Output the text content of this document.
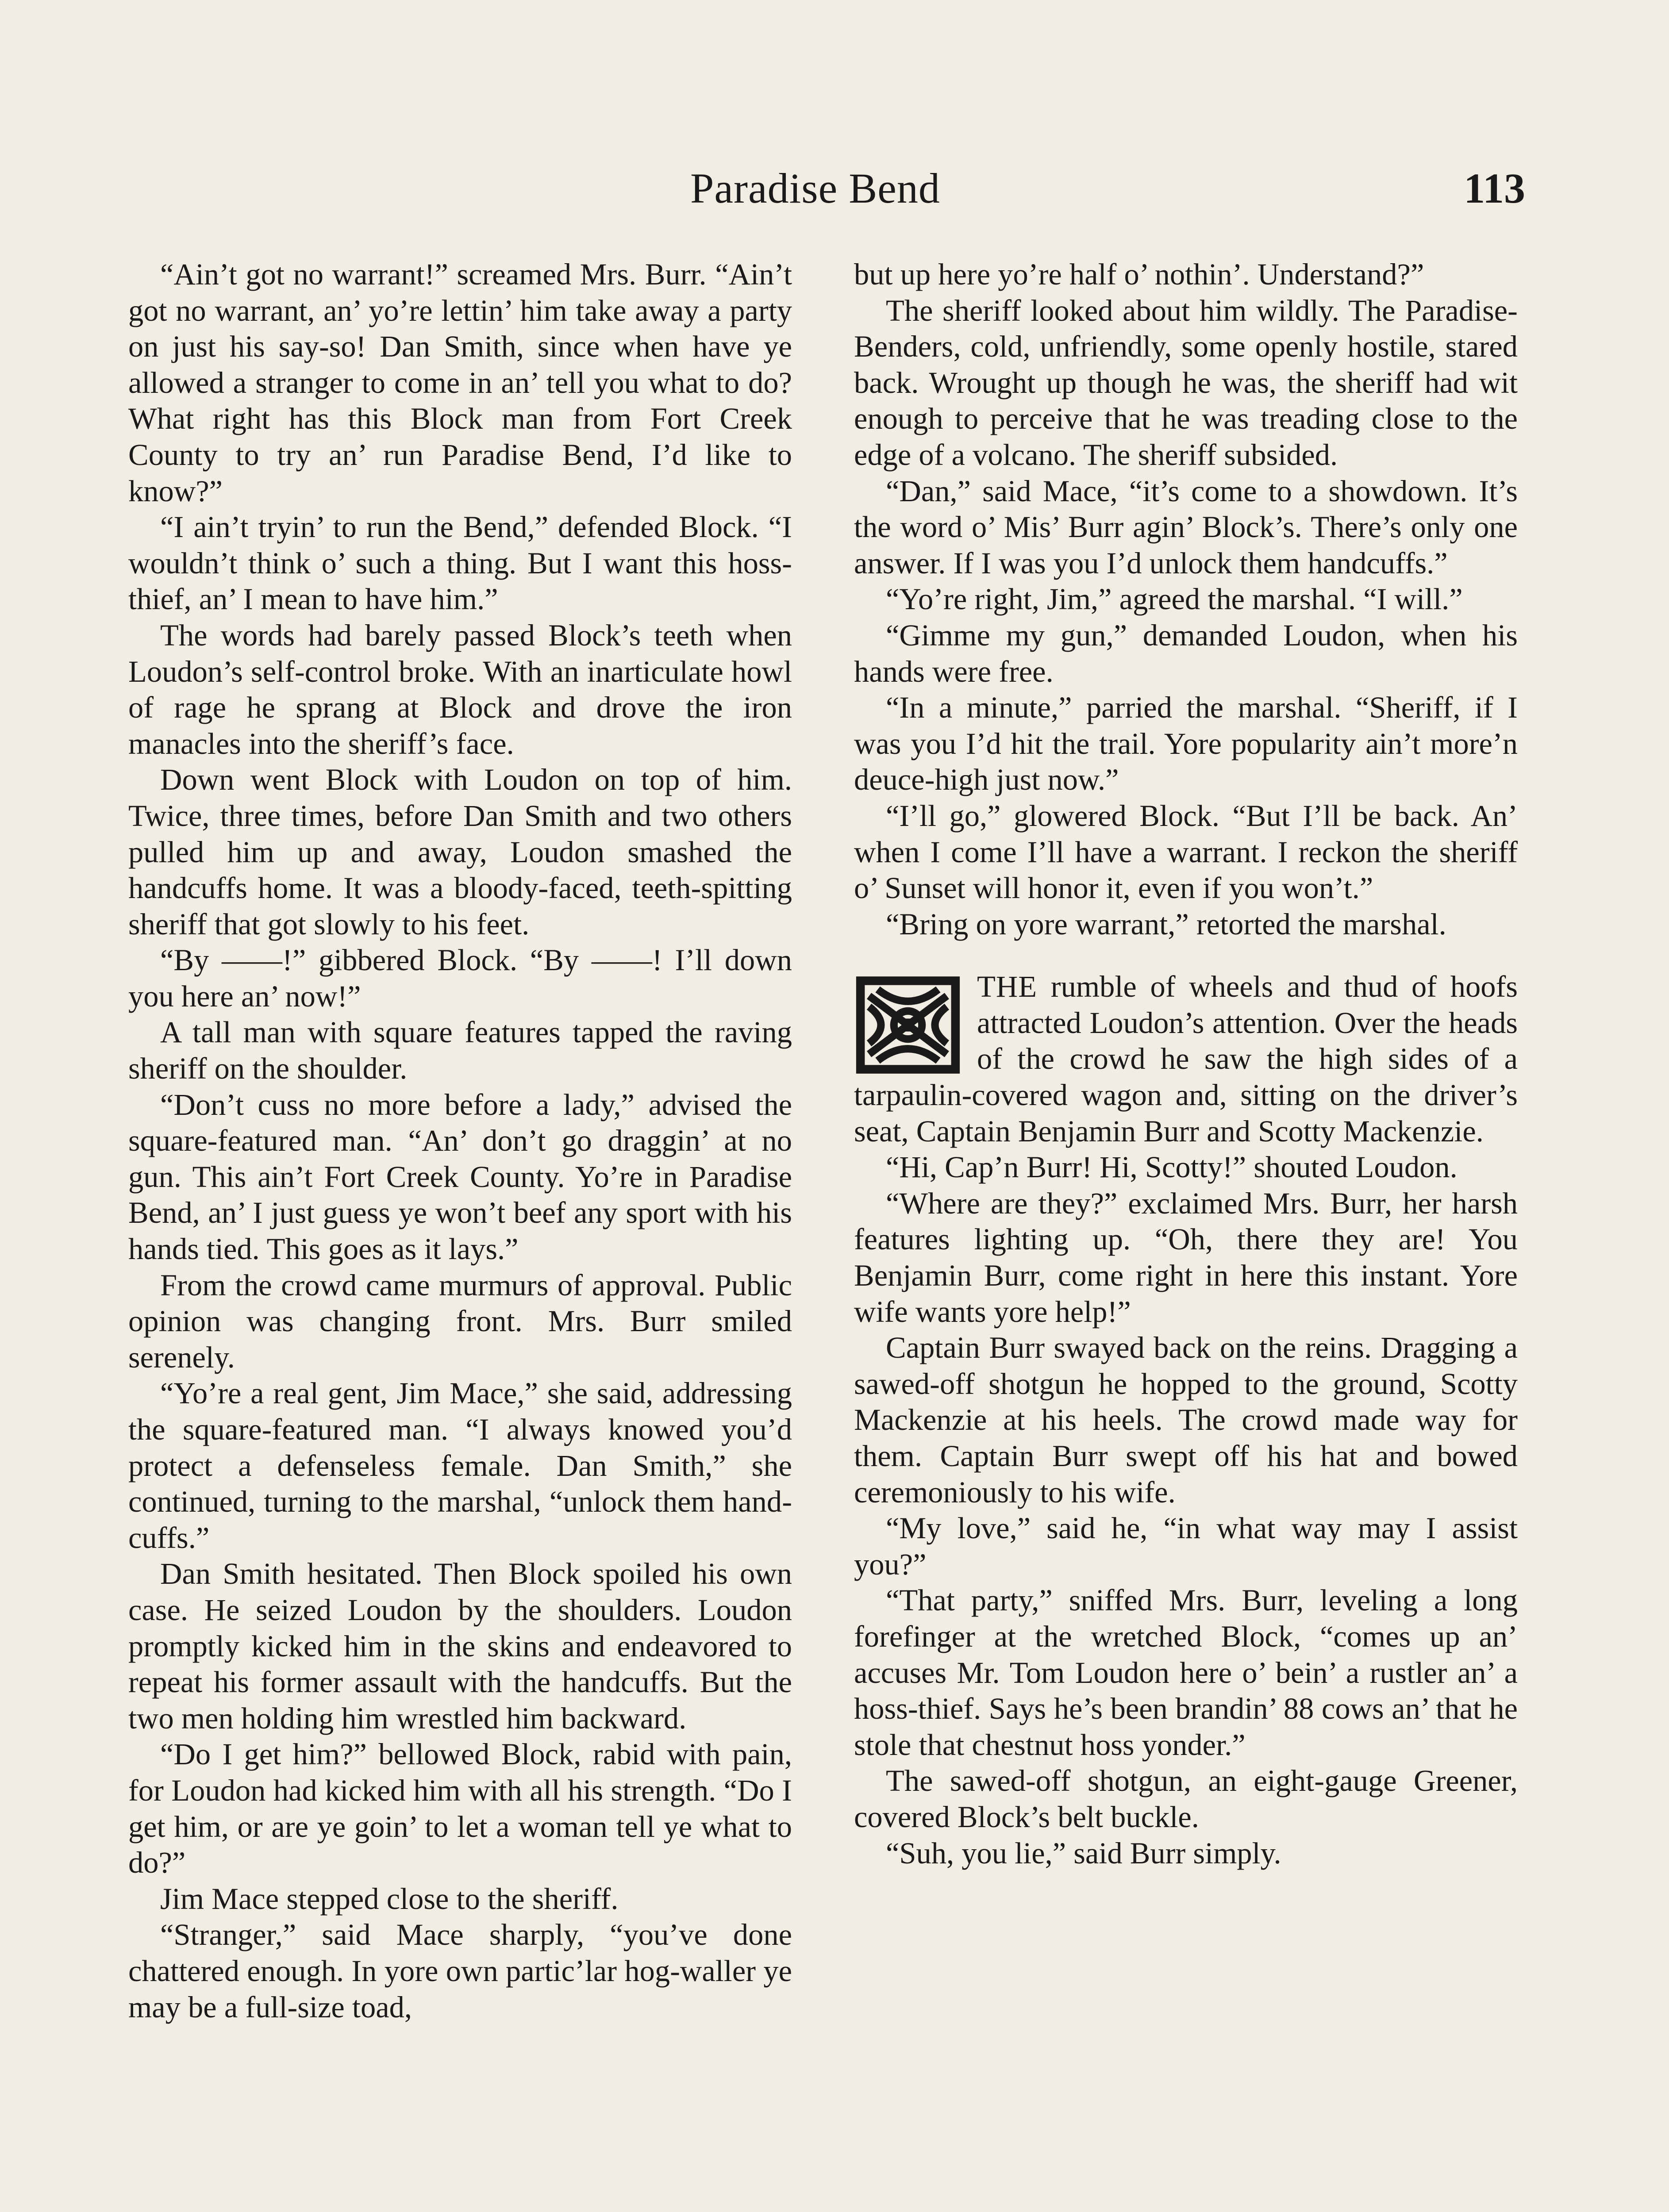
Paradise Bend	113

“Ain’t got no warrant!” screamed Mrs. Burr. “Ain’t got no warrant, an’ yo’re lettin’ him take away a party on just his say-so! Dan Smith, since when have ye allowed a stranger to come in an’ tell you what to do? What right has this Block man from Fort Creek County to try an’ run Paradise Bend, I’d like to know?”

“I ain’t tryin’ to run the Bend,” defended Block. “I wouldn’t think o’ such a thing. But I want this hoss-thief, an’ I mean to have him.”

The words had barely passed Block’s teeth when Loudon’s self-control broke. With an inarticulate howl of rage he sprang at Block and drove the iron manacles into the sheriff’s face.

Down went Block with Loudon on top of him. Twice, three times, before Dan Smith and two others pulled him up and away, Loudon smashed the handcuffs home. It was a bloody-faced, teeth-spitting sheriff that got slowly to his feet.

“By ——!” gibbered Block. “By ——! I’ll down you here an’ now!”

A tall man with square features tapped the raving sheriff on the shoulder.

“Don’t cuss no more before a lady,” advised the square-featured man. “An’ don’t go draggin’ at no gun. This ain’t Fort Creek County. Yo’re in Paradise Bend, an’ I just guess ye won’t beef any sport with his hands tied. This goes as it lays.”

From the crowd came murmurs of approval. Public opinion was changing front. Mrs. Burr smiled serenely.

“Yo’re a real gent, Jim Mace,” she said, addressing the square-featured man. “I always knowed you’d protect a defenseless female. Dan Smith,” she continued, turning to the marshal, “unlock them handcuffs.”

Dan Smith hesitated. Then Block spoiled his own case. He seized Loudon by the shoulders. Loudon promptly kicked him in the skins and endeavored to repeat his former assault with the handcuffs. But the two men holding him wrestled him backward.

“Do I get him?” bellowed Block, rabid with pain, for Loudon had kicked him with all his strength. “Do I get him, or are ye goin’ to let a woman tell ye what to do?”

Jim Mace stepped close to the sheriff.

“Stranger,” said Mace sharply, “you’ve done chattered enough. In yore own partic’lar hog-waller ye may be a full-size toad,

but up here yo’re half o’ nothin’. Understand?”

The sheriff looked about him wildly. The Paradise-Benders, cold, unfriendly, some openly hostile, stared back. Wrought up though he was, the sheriff had wit enough to perceive that he was treading close to the edge of a volcano. The sheriff subsided.

“Dan,” said Mace, “it’s come to a showdown. It’s the word o’ Mis’ Burr agin’ Block’s. There’s only one answer. If I was you I’d unlock them handcuffs.”

“Yo’re right, Jim,” agreed the marshal. “I will.”

“Gimme my gun,” demanded Loudon, when his hands were free.

“In a minute,” parried the marshal. “Sheriff, if I was you I’d hit the trail. Yore popularity ain’t more’n deuce-high just now.”

“I’ll go,” glowered Block. “But I’ll be back. An’ when I come I’ll have a warrant. I reckon the sheriff o’ Sunset will honor it, even if you won’t.”

“Bring on yore warrant,” retorted the marshal.

THE rumble of wheels and thud of hoofs attracted Loudon’s attention. Over the heads of the crowd he saw the high sides of a tarpaulin-covered wagon and, sitting on the driver’s seat, Captain Benjamin Burr and Scotty Mackenzie.

“Hi, Cap’n Burr! Hi, Scotty!” shouted Loudon.

“Where are they?” exclaimed Mrs. Burr, her harsh features lighting up. “Oh, there they are! You Benjamin Burr, come right in here this instant. Yore wife wants yore help!”

Captain Burr swayed back on the reins. Dragging a sawed-off shotgun he hopped to the ground, Scotty Mackenzie at his heels. The crowd made way for them. Captain Burr swept off his hat and bowed ceremoniously to his wife.

“My love,” said he, “in what way may I assist you?”

“That party,” sniffed Mrs. Burr, leveling a long forefinger at the wretched Block, “comes up an’ accuses Mr. Tom Loudon here o’ bein’ a rustler an’ a hoss-thief. Says he’s been brandin’ 88 cows an’ that he stole that chestnut hoss yonder.”

The sawed-off shotgun, an eight-gauge Greener, covered Block’s belt buckle.

“Suh, you lie,” said Burr simply.
